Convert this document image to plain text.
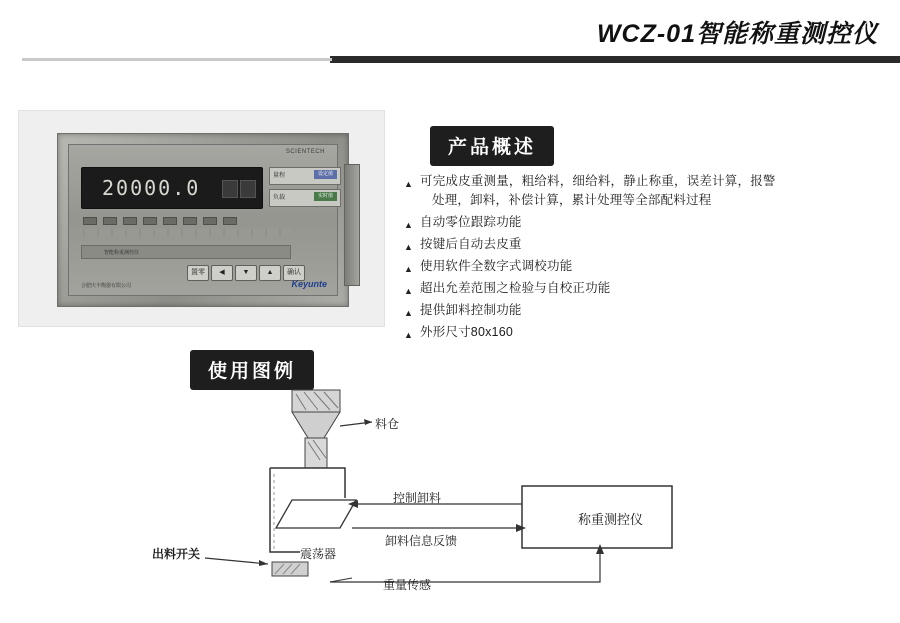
WCZ-01智能称重测控仪
SCIENTECH
20000.0	量程	设定值
负载	实时值
智能称重测控仪
置零	◀	▼	▲	确认
合肥庆丰衡器有限公司	Keyunte
产品概述
使用图例
▲ 可完成皮重测量，粗给料，细给料，静止称重，误差计算，报警
处理，卸料，补偿计算，累计处理等全部配料过程
▲ 自动零位跟踪功能
▲ 按键后自动去皮重
▲ 使用软件全数字式调校功能
▲ 超出允差范围之检验与自校正功能
▲ 提供卸料控制功能
▲ 外形尺寸80x160
料仓
控制卸料
卸料信息反馈
重量传感
出料开关	震荡器
称重测控仪
